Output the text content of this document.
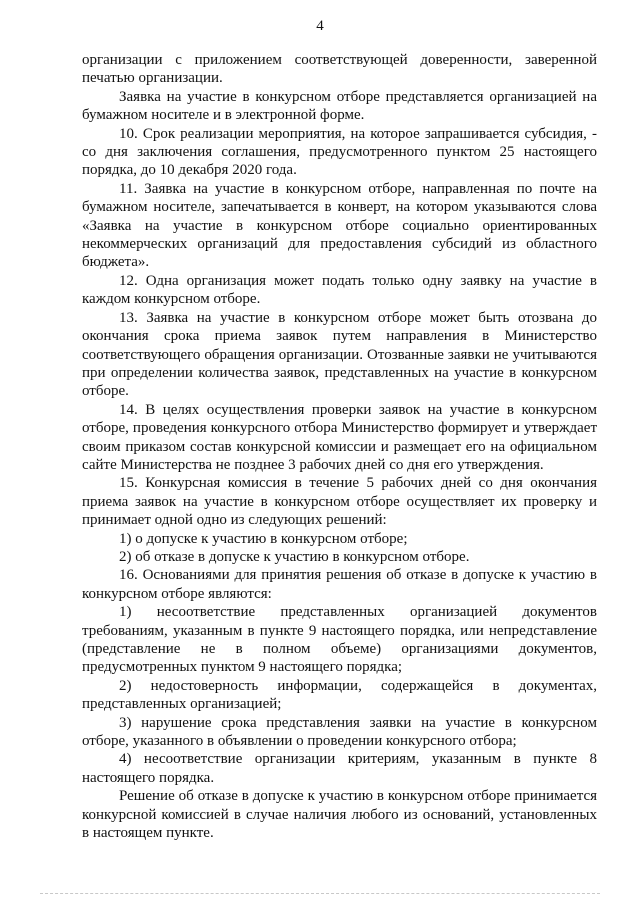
4

организации с приложением соответствующей доверенности, заверенной печатью организации.

Заявка на участие в конкурсном отборе представляется организацией на бумажном носителе и в электронной форме.

10. Срок реализации мероприятия, на которое запрашивается субсидия, - со дня заключения соглашения, предусмотренного пунктом 25 настоящего порядка, до 10 декабря 2020 года.

11. Заявка на участие в конкурсном отборе, направленная по почте на бумажном носителе, запечатывается в конверт, на котором указываются слова «Заявка на участие в конкурсном отборе социально ориентированных некоммерческих организаций для предоставления субсидий из областного бюджета».

12. Одна организация может подать только одну заявку на участие в каждом конкурсном отборе.

13. Заявка на участие в конкурсном отборе может быть отозвана до окончания срока приема заявок путем направления в Министерство соответствующего обращения организации. Отозванные заявки не учитываются при определении количества заявок, представленных на участие в конкурсном отборе.

14. В целях осуществления проверки заявок на участие в конкурсном отборе, проведения конкурсного отбора Министерство формирует и утверждает своим приказом состав конкурсной комиссии и размещает его на официальном сайте Министерства не позднее 3 рабочих дней со дня его утверждения.

15. Конкурсная комиссия в течение 5 рабочих дней со дня окончания приема заявок на участие в конкурсном отборе осуществляет их проверку и принимает одной одно из следующих решений:

1) о допуске к участию в конкурсном отборе;

2) об отказе в допуске к участию в конкурсном отборе.

16. Основаниями для принятия решения об отказе в допуске к участию в конкурсном отборе являются:

1) несоответствие представленных организацией документов требованиям, указанным в пункте 9 настоящего порядка, или непредставление (представление не в полном объеме) организациями документов, предусмотренных пунктом 9 настоящего порядка;

2) недостоверность информации, содержащейся в документах, представленных организацией;

3) нарушение срока представления заявки на участие в конкурсном отборе, указанного в объявлении о проведении конкурсного отбора;

4) несоответствие организации критериям, указанным в пункте 8 настоящего порядка.

Решение об отказе в допуске к участию в конкурсном отборе принимается конкурсной комиссией в случае наличия любого из оснований, установленных в настоящем пункте.
